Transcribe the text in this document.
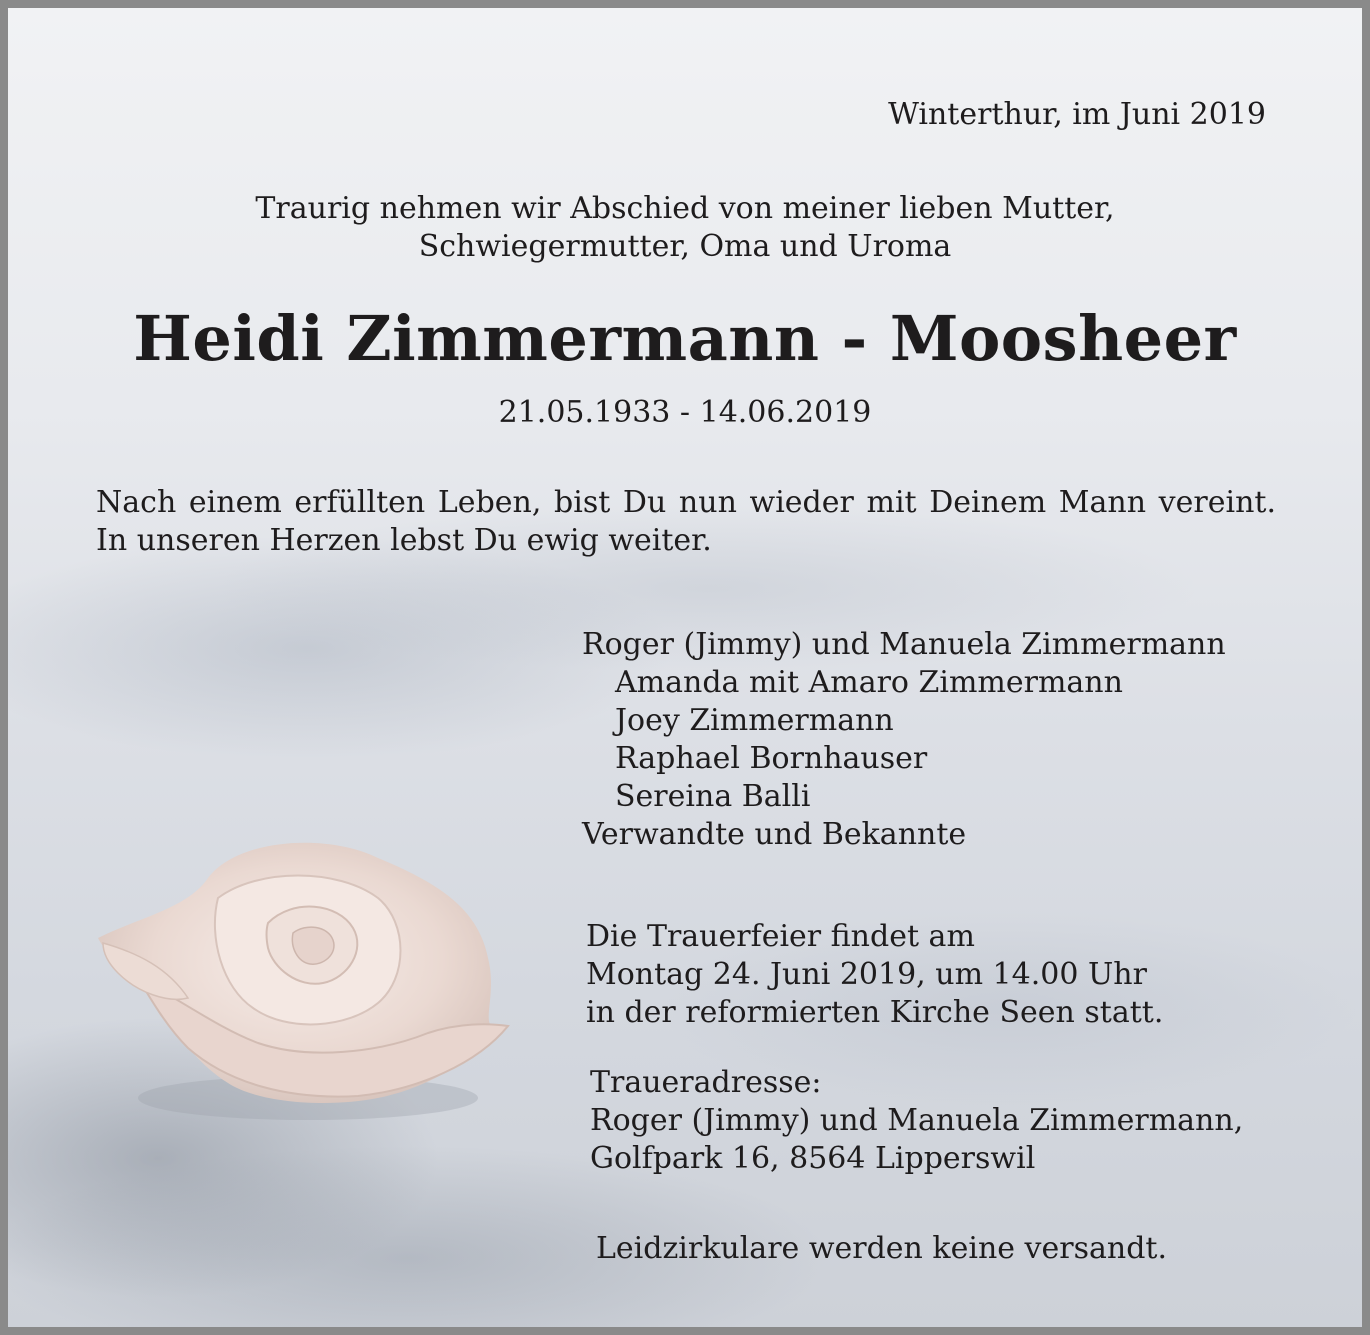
Winterthur, im Juni 2019
Traurig nehmen wir Abschied von meiner lieben Mutter,
Schwiegermutter, Oma und Uroma
Heidi Zimmermann - Moosheer
21.05.1933 - 14.06.2019
Nach einem erfüllten Leben, bist Du nun wieder mit Deinem Mann vereint. In unseren Herzen lebst Du ewig weiter.
Roger (Jimmy) und Manuela Zimmermann
Amanda mit Amaro Zimmermann
Joey Zimmermann
Raphael Bornhauser
Sereina Balli
Verwandte und Bekannte
Die Trauerfeier findet am
Montag 24. Juni 2019, um 14.00 Uhr
in der reformierten Kirche Seen statt.
Traueradresse:
Roger (Jimmy) und Manuela Zimmermann,
Golfpark 16, 8564 Lipperswil
Leidzirkulare werden keine versandt.
